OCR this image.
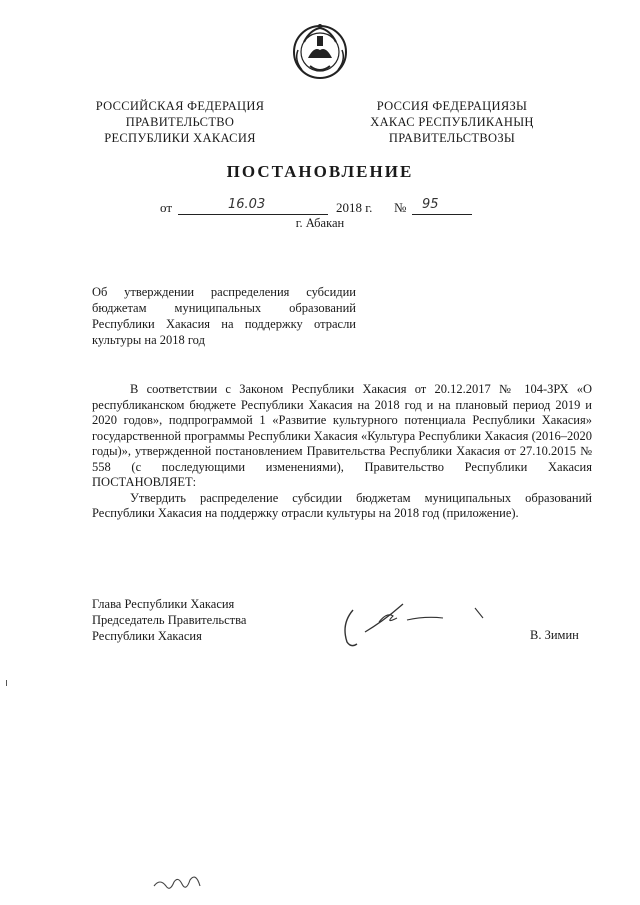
РОССИЙСКАЯ ФЕДЕРАЦИЯ
ПРАВИТЕЛЬСТВО
РЕСПУБЛИКИ ХАКАСИЯ
РОССИЯ ФЕДЕРАЦИЯЗЫ
ХАКАС РЕСПУБЛИКАНЫҢ
ПРАВИТЕЛЬСТВОЗЫ
ПОСТАНОВЛЕНИЕ
от	16.03	2018 г. № 95
г. Абакан
Об утверждении распределения субсидии бюджетам муниципальных образований Республики Хакасия на поддержку отрасли культуры на 2018 год

В соответствии с Законом Республики Хакасия от 20.12.2017 № 104-ЗРХ «О республиканском бюджете Республики Хакасия на 2018 год и на плановый период 2019 и 2020 годов», подпрограммой 1 «Развитие культурного потенциала Республики Хакасия» государственной программы Республики Хакасия «Культура Республики Хакасия (2016–2020 годы)», утвержденной постановлением Правительства Республики Хакасия от 27.10.2015 № 558 (с последующими изменениями), Правительство Республики Хакасия ПОСТАНОВЛЯЕТ:

Утвердить распределение субсидии бюджетам муниципальных образований Республики Хакасия на поддержку отрасли культуры на 2018 год (приложение).

Глава Республики Хакасия
Председатель Правительства
Республики Хакасия	В. Зимин
